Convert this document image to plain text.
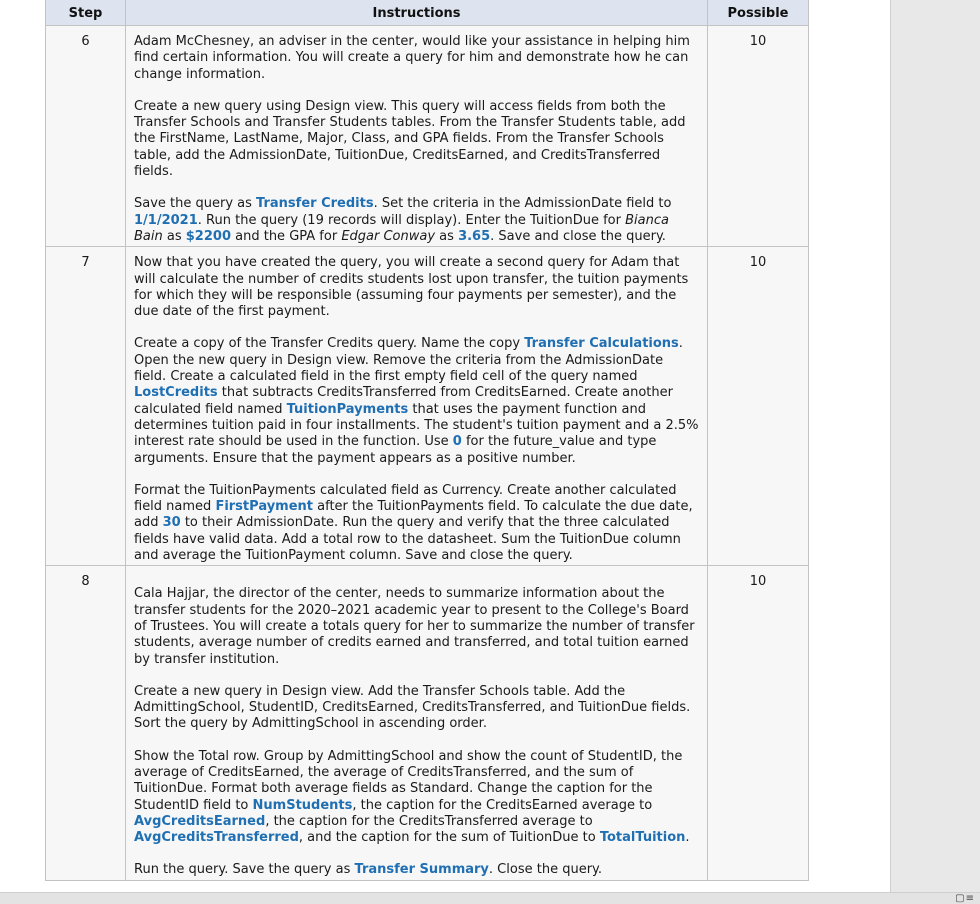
Step	Instructions	Possible
6	Adam McChesney, an adviser in the center, would like your assistance in helping him find certain information. You will create a query for him and demonstrate how he can change information.

Create a new query using Design view. This query will access fields from both the Transfer Schools and Transfer Students tables. From the Transfer Students table, add the FirstName, LastName, Major, Class, and GPA fields. From the Transfer Schools table, add the AdmissionDate, TuitionDue, CreditsEarned, and CreditsTransferred fields.

Save the query as Transfer Credits. Set the criteria in the AdmissionDate field to 1/1/2021. Run the query (19 records will display). Enter the TuitionDue for Bianca Bain as $2200 and the GPA for Edgar Conway as 3.65. Save and close the query.	10
7	Now that you have created the query, you will create a second query for Adam that will calculate the number of credits students lost upon transfer, the tuition payments for which they will be responsible (assuming four payments per semester), and the due date of the first payment.

Create a copy of the Transfer Credits query. Name the copy Transfer Calculations. Open the new query in Design view. Remove the criteria from the AdmissionDate field. Create a calculated field in the first empty field cell of the query named LostCredits that subtracts CreditsTransferred from CreditsEarned. Create another calculated field named TuitionPayments that uses the payment function and determines tuition paid in four installments. The student's tuition payment and a 2.5% interest rate should be used in the function. Use 0 for the future_value and type arguments. Ensure that the payment appears as a positive number.

Format the TuitionPayments calculated field as Currency. Create another calculated field named FirstPayment after the TuitionPayments field. To calculate the due date, add 30 to their AdmissionDate. Run the query and verify that the three calculated fields have valid data. Add a total row to the datasheet. Sum the TuitionDue column and average the TuitionPayment column. Save and close the query.	10
8	Cala Hajjar, the director of the center, needs to summarize information about the transfer students for the 2020–2021 academic year to present to the College's Board of Trustees. You will create a totals query for her to summarize the number of transfer students, average number of credits earned and transferred, and total tuition earned by transfer institution.

Create a new query in Design view. Add the Transfer Schools table. Add the AdmittingSchool, StudentID, CreditsEarned, CreditsTransferred, and TuitionDue fields. Sort the query by AdmittingSchool in ascending order.

Show the Total row. Group by AdmittingSchool and show the count of StudentID, the average of CreditsEarned, the average of CreditsTransferred, and the sum of TuitionDue. Format both average fields as Standard. Change the caption for the StudentID field to NumStudents, the caption for the CreditsEarned average to AvgCreditsEarned, the caption for the CreditsTransferred average to AvgCreditsTransferred, and the caption for the sum of TuitionDue to TotalTuition.

Run the query. Save the query as Transfer Summary. Close the query.	10
▢ ≡
